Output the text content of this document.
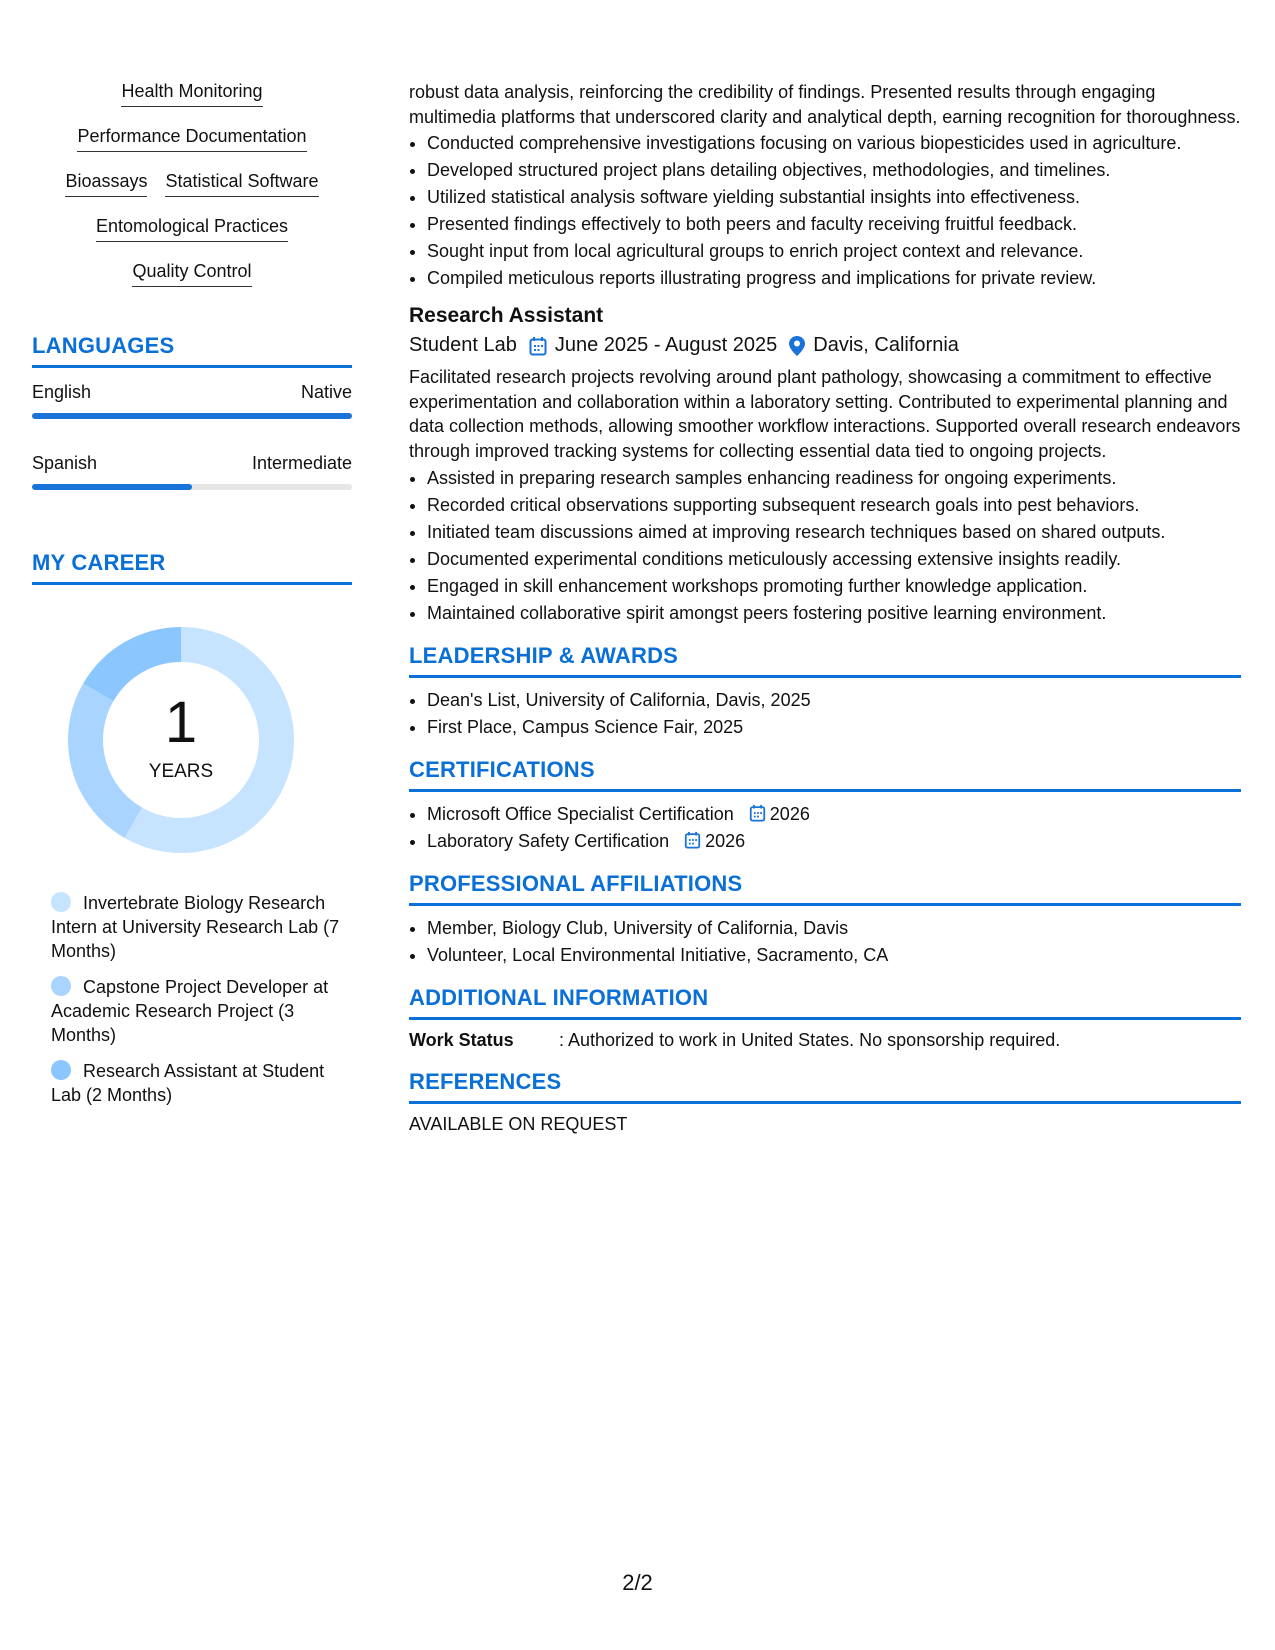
Health Monitoring
Performance Documentation
Bioassays Statistical Software
Entomological Practices
Quality Control
LANGUAGES
English	Native
Spanish	Intermediate
MY CAREER
1
YEARS
Invertebrate Biology Research Intern at University Research Lab (7 Months)
Capstone Project Developer at Academic Research Project (3 Months)
Research Assistant at Student Lab (2 Months)

robust data analysis, reinforcing the credibility of findings. Presented results through engaging multimedia platforms that underscored clarity and analytical depth, earning recognition for thoroughness.

• Conducted comprehensive investigations focusing on various biopesticides used in agriculture.
• Developed structured project plans detailing objectives, methodologies, and timelines.
• Utilized statistical analysis software yielding substantial insights into effectiveness.
• Presented findings effectively to both peers and faculty receiving fruitful feedback.
• Sought input from local agricultural groups to enrich project context and relevance.
• Compiled meticulous reports illustrating progress and implications for private review.
Research Assistant
Student Lab June 2025 - August 2025 Davis, California

Facilitated research projects revolving around plant pathology, showcasing a commitment to effective experimentation and collaboration within a laboratory setting. Contributed to experimental planning and data collection methods, allowing smoother workflow interactions. Supported overall research endeavors through improved tracking systems for collecting essential data tied to ongoing projects.

• Assisted in preparing research samples enhancing readiness for ongoing experiments.
• Recorded critical observations supporting subsequent research goals into pest behaviors.
• Initiated team discussions aimed at improving research techniques based on shared outputs.
• Documented experimental conditions meticulously accessing extensive insights readily.
• Engaged in skill enhancement workshops promoting further knowledge application.
• Maintained collaborative spirit amongst peers fostering positive learning environment.
LEADERSHIP & AWARDS
• Dean's List, University of California, Davis, 2025
• First Place, Campus Science Fair, 2025
CERTIFICATIONS
• Microsoft Office Specialist Certification 2026
• Laboratory Safety Certification 2026
PROFESSIONAL AFFILIATIONS
• Member, Biology Club, University of California, Davis
• Volunteer, Local Environmental Initiative, Sacramento, CA
ADDITIONAL INFORMATION
Work Status	: Authorized to work in United States. No sponsorship required.
REFERENCES
AVAILABLE ON REQUEST
2/2
